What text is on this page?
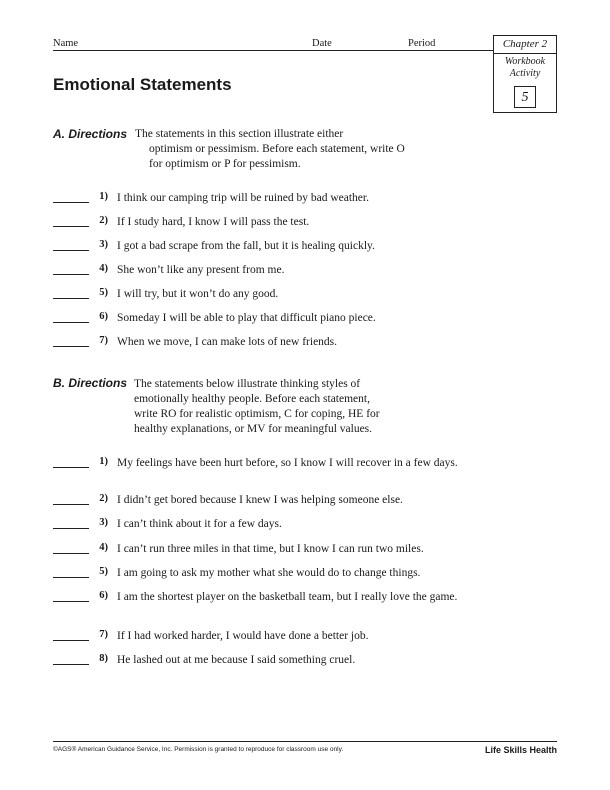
Name	Date	Period	Chapter 2
Workbook
Activity
5
Emotional Statements
A. Directions The statements in this section illustrate either
optimism or pessimism. Before each statement, write O
for optimism or P for pessimism.
1) I think our camping trip will be ruined by bad weather.
2) If I study hard, I know I will pass the test.
3) I got a bad scrape from the fall, but it is healing quickly.
4) She won’t like any present from me.
5) I will try, but it won’t do any good.
6) Someday I will be able to play that difficult piano piece.
7) When we move, I can make lots of new friends.
B. Directions The statements below illustrate thinking styles of
emotionally healthy people. Before each statement,
write RO for realistic optimism, C for coping, HE for
healthy explanations, or MV for meaningful values.
1) My feelings have been hurt before, so I know I will recover in a few days.
2) I didn’t get bored because I knew I was helping someone else.
3) I can’t think about it for a few days.
4) I can’t run three miles in that time, but I know I can run two miles.
5) I am going to ask my mother what she would do to change things.
6) I am the shortest player on the basketball team, but I really love the game.
7) If I had worked harder, I would have done a better job.
8) He lashed out at me because I said something cruel.
©AGS® American Guidance Service, Inc. Permission is granted to reproduce for classroom use only.	Life Skills Health
